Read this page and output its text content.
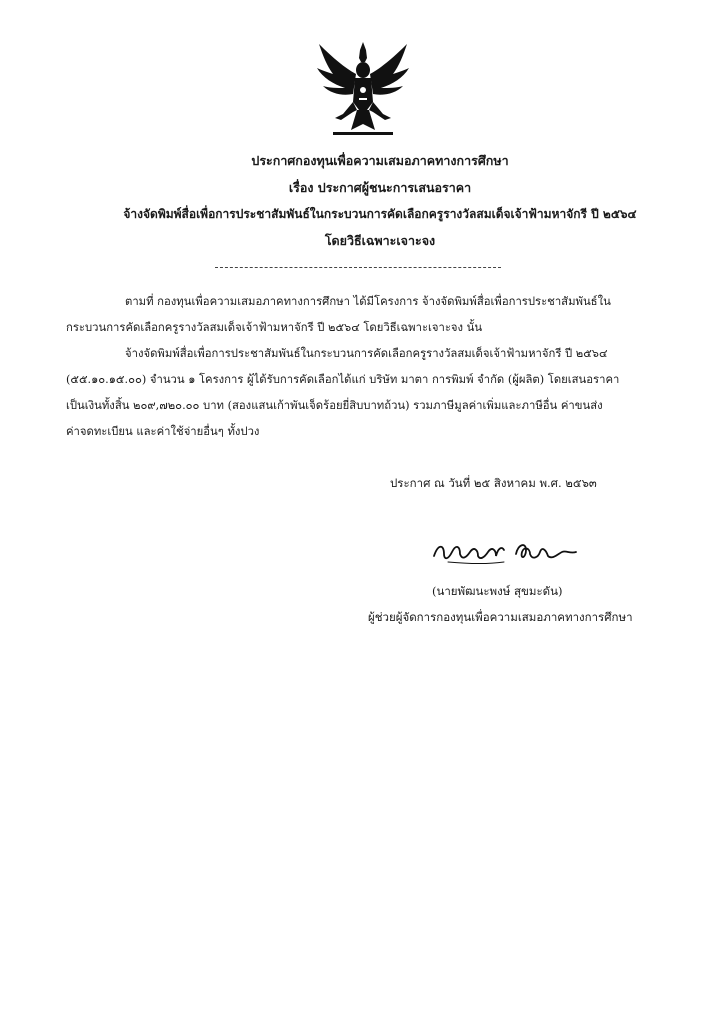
ประกาศกองทุนเพื่อความเสมอภาคทางการศึกษา
เรื่อง ประกาศผู้ชนะการเสนอราคา
จ้างจัดพิมพ์สื่อเพื่อการประชาสัมพันธ์ในกระบวนการคัดเลือกครูรางวัลสมเด็จเจ้าฟ้ามหาจักรี ปี ๒๕๖๔
โดยวิธีเฉพาะเจาะจง
ตามที่ กองทุนเพื่อความเสมอภาคทางการศึกษา ได้มีโครงการ จ้างจัดพิมพ์สื่อเพื่อการประชาสัมพันธ์ใน
กระบวนการคัดเลือกครูรางวัลสมเด็จเจ้าฟ้ามหาจักรี ปี ๒๕๖๔ โดยวิธีเฉพาะเจาะจง นั้น
จ้างจัดพิมพ์สื่อเพื่อการประชาสัมพันธ์ในกระบวนการคัดเลือกครูรางวัลสมเด็จเจ้าฟ้ามหาจักรี ปี ๒๕๖๔
(๕๕.๑๐.๑๕.๐๐) จำนวน ๑ โครงการ ผู้ได้รับการคัดเลือกได้แก่ บริษัท มาตา การพิมพ์ จำกัด (ผู้ผลิต) โดยเสนอราคา
เป็นเงินทั้งสิ้น ๒๐๙,๗๒๐.๐๐ บาท (สองแสนเก้าพันเจ็ดร้อยยี่สิบบาทถ้วน) รวมภาษีมูลค่าเพิ่มและภาษีอื่น ค่าขนส่ง
ค่าจดทะเบียน และค่าใช้จ่ายอื่นๆ ทั้งปวง
ประกาศ ณ วันที่ ๒๕ สิงหาคม พ.ศ. ๒๕๖๓
(นายพัฒนะพงษ์ สุขมะดัน)
ผู้ช่วยผู้จัดการกองทุนเพื่อความเสมอภาคทางการศึกษา
